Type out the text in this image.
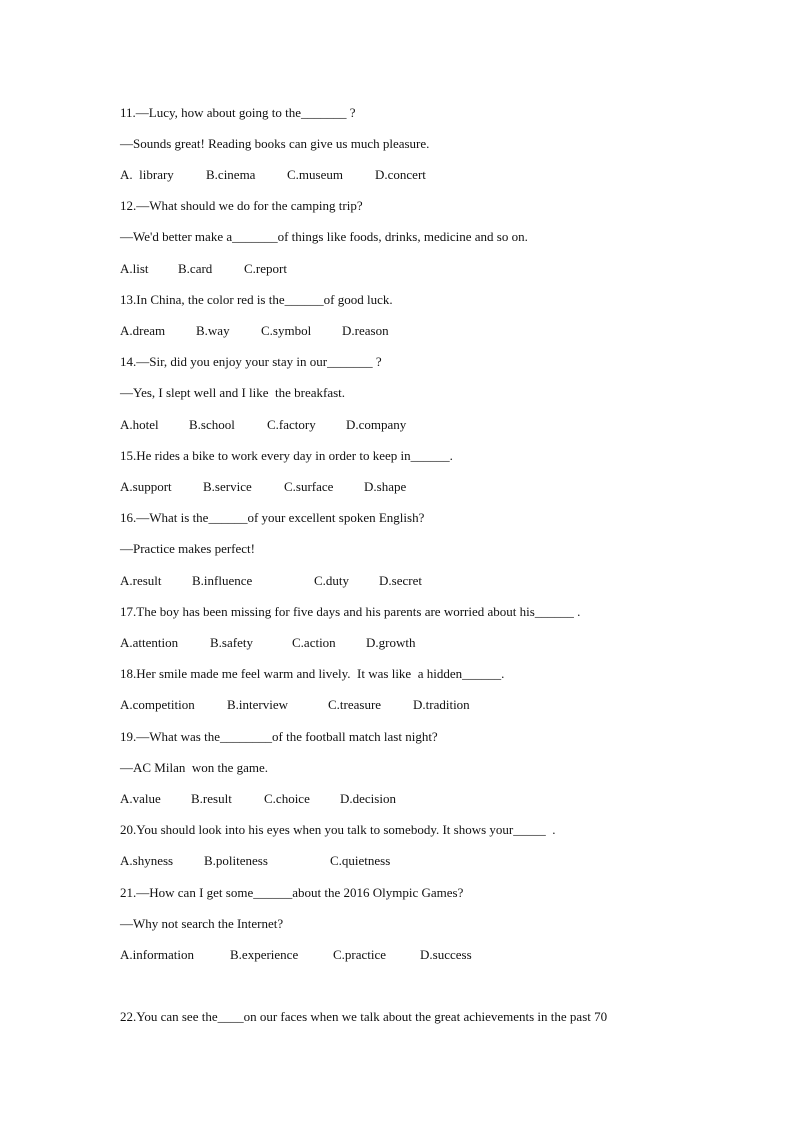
11.—Lucy, how about going to the_______ ?
—Sounds great! Reading books can give us much pleasure.

A.  library

B.cinema

C.museum

D.concert

12.—What should we do for the camping trip?
—We'd better make a_______of things like foods, drinks, medicine and so on.

A.list

B.card

C.report

13.In China, the color red is the______of good luck.

A.dream

B.way

C.symbol

D.reason

14.—Sir, did you enjoy your stay in our_______ ?
—Yes, I slept well and I like  the breakfast.

A.hotel

B.school

C.factory

D.company

15.He rides a bike to work every day in order to keep in______.

A.support

B.service

C.surface

D.shape

16.—What is the______of your excellent spoken English?
—Practice makes perfect!

A.result

B.influence

	C.duty

D.secret

17.The boy has been missing for five days and his parents are worried about his______ .

A.attention

B.safety

	C.action

D.growth

18.Her smile made me feel warm and lively.  It was like  a hidden______.

A.competition

B.interview

	C.treasure

D.tradition

19.—What was the________of the football match last night?
—AC Milan  won the game.

A.value

B.result

C.choice

D.decision

20.You should look into his eyes when you talk to somebody. It shows your_____  .

A.shyness

B.politeness

	C.quietness

21.—How can I get some______about the 2016 Olympic Games?
—Why not search the Internet?

A.information

	B.experience

	C.practice

	D.success

22.You can see the____on our faces when we talk about the great achievements in the past 70
